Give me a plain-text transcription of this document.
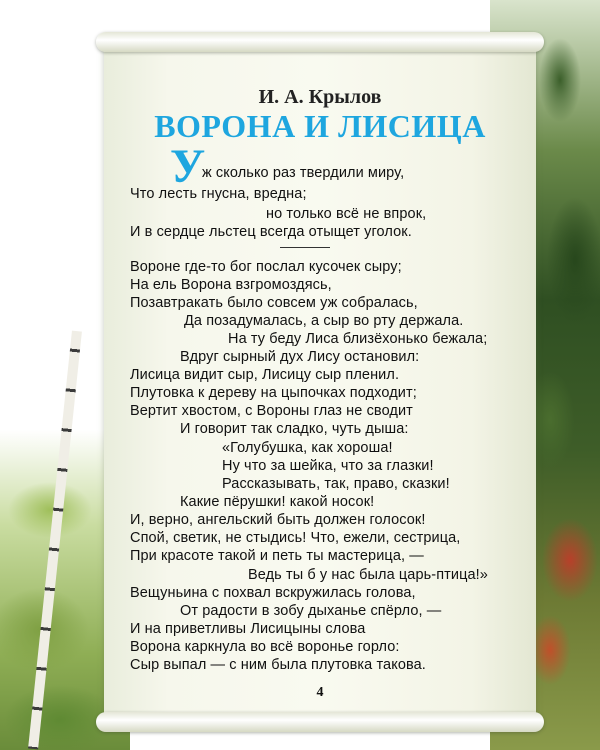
И. А. Крылов
ВОРОНА И ЛИСИЦА
У
ж сколько раз твердили миру,
Что лесть гнусна, вредна;
но только всё не впрок,
И в сердце льстец всегда отыщет уголок.
Вороне где-то бог послал кусочек сыру;
На ель Ворона взгромоздясь,
Позавтракать было совсем уж собралась,
Да позадумалась, а сыр во рту держала.
На ту беду Лиса близёхонько бежала;
Вдруг сырный дух Лису остановил:
Лисица видит сыр, Лисицу сыр пленил.
Плутовка к дереву на цыпочках подходит;
Вертит хвостом, с Вороны глаз не сводит
И говорит так сладко, чуть дыша:
«Голубушка, как хороша!
Ну что за шейка, что за глазки!
Рассказывать, так, право, сказки!
Какие пёрушки! какой носок!
И, верно, ангельский быть должен голосок!
Спой, светик, не стыдись! Что, ежели, сестрица,
При красоте такой и петь ты мастерица, —
Ведь ты б у нас была царь-птица!»
Вещуньина с похвал вскружилась голова,
От радости в зобу дыханье спёрло, —
И на приветливы Лисицыны слова
Ворона каркнула во всё воронье горло:
Сыр выпал — с ним была плутовка такова.
4
